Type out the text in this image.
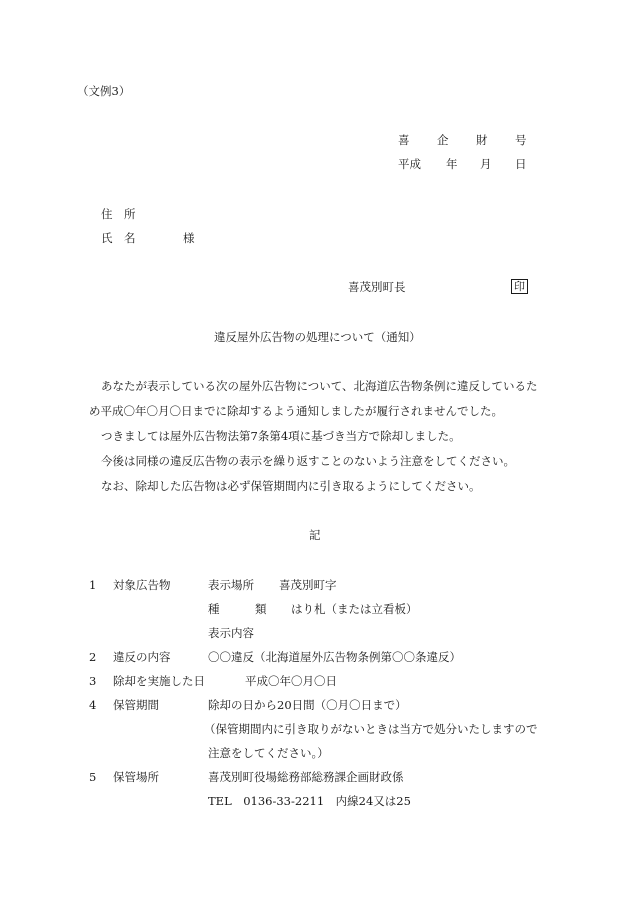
（文例3）
喜 企 財 号
平成 年 月 日
住　所
氏　名	様
喜茂別町長	印
違反屋外広告物の処理について（通知）
あなたが表示している次の屋外広告物について、北海道広告物条例に違反しているた
め平成〇年〇月〇日までに除却するよう通知しましたが履行されませんでした。
つきましては屋外広告物法第7条第4項に基づき当方で除却しました。
今後は同様の違反広告物の表示を繰り返すことのないよう注意をしてください。
なお、除却した広告物は必ず保管期間内に引き取るようにしてください。
記
1 対象広告物	表示場所 喜茂別町字
種	類 はり札（または立看板）
表示内容
2 違反の内容	〇〇違反（北海道屋外広告物条例第〇〇条違反）
3 除却を実施した日	平成〇年〇月〇日
4 保管期間	除却の日から20日間（〇月〇日まで）
（保管期間内に引き取りがないときは当方で処分いたしますので
注意をしてください。）
5 保管場所	喜茂別町役場総務部総務課企画財政係
TEL　0136-33-2211　内線24又は25
